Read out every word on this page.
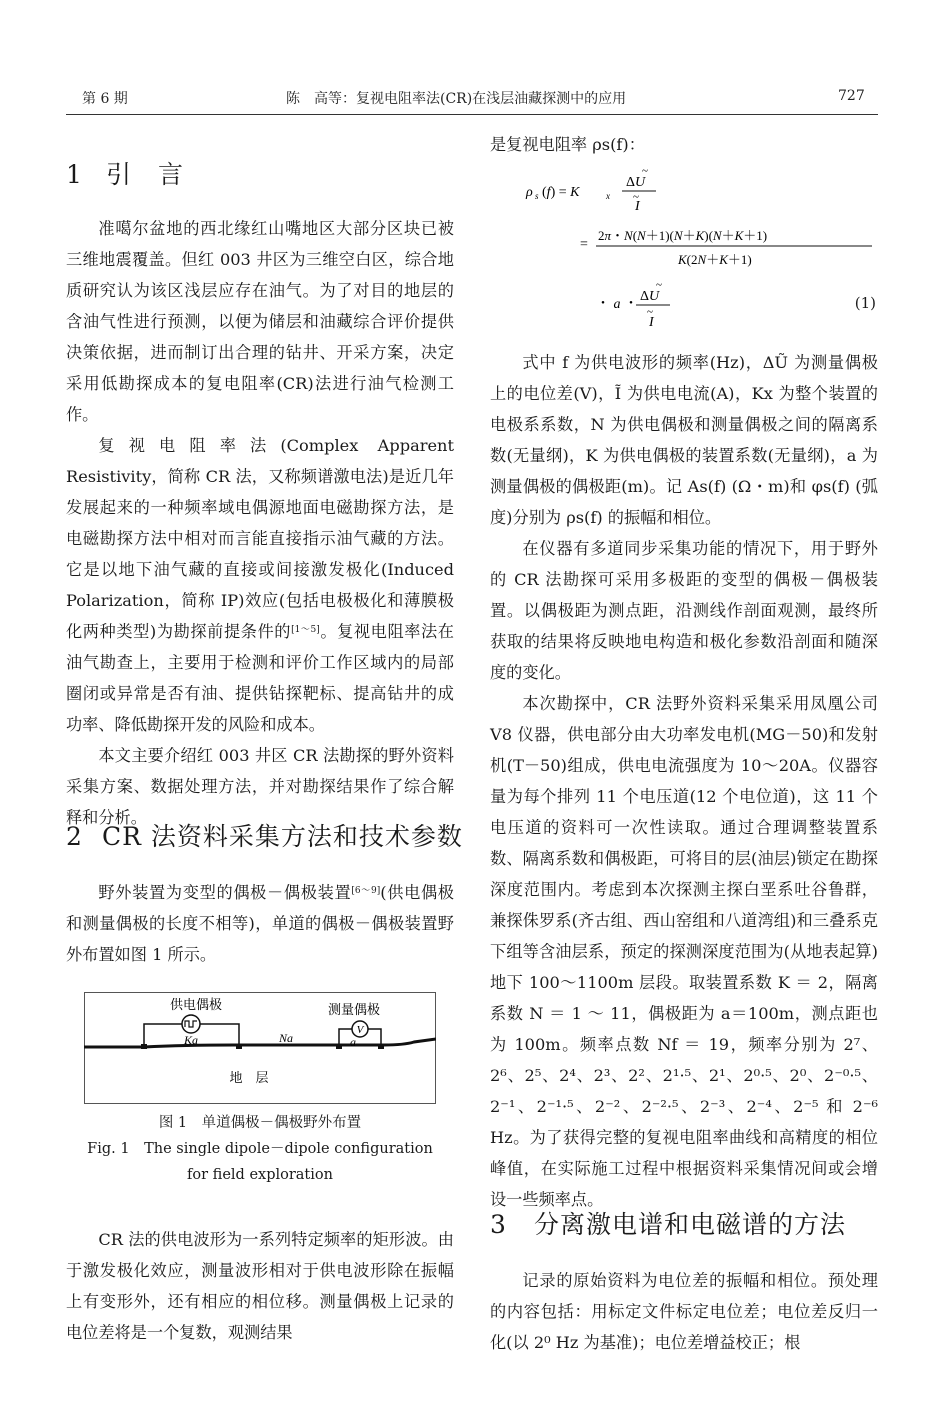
第 6 期	陈　高等：复视电阻率法(CR)在浅层油藏探测中的应用	727
1 引　言

准噶尔盆地的西北缘红山嘴地区大部分区块已被三维地震覆盖。但红 003 井区为三维空白区，综合地质研究认为该区浅层应存在油气。为了对目的地层的含油气性进行预测，以便为储层和油藏综合评价提供决策依据，进而制订出合理的钻井、开采方案，决定采用低勘探成本的复电阻率(CR)法进行油气检测工作。

复视电阻率法(Complex Apparent Resistivity，简称 CR 法，又称频谱激电法)是近几年发展起来的一种频率域电偶源地面电磁勘探方法，是电磁勘探方法中相对而言能直接指示油气藏的方法。它是以地下油气藏的直接或间接激发极化(Induced Polarization，简称 IP)效应(包括电极极化和薄膜极化两种类型)为勘探前提条件的[1～5]。复视电阻率法在油气勘查上，主要用于检测和评价工作区域内的局部圈闭或异常是否有油、提供钻探靶标、提高钻井的成功率、降低勘探开发的风险和成本。

本文主要介绍红 003 井区 CR 法勘探的野外资料采集方案、数据处理方法，并对勘探结果作了综合解释和分析。

2 CR 法资料采集方法和技术参数

野外装置为变型的偶极－偶极装置[6～9](供电偶极和测量偶极的长度不相等)，单道的偶极－偶极装置野外布置如图 1 所示。

V
供电偶极	测量偶极
Ka	Na	a
地　层
图 1　单道偶极－偶极野外布置
Fig. 1　The single dipole－dipole configuration
for field exploration

CR 法的供电波形为一系列特定频率的矩形波。由于激发极化效应，测量波形相对于供电波形除在振幅上有变形外，还有相应的相位移。测量偶极上记录的电位差将是一个复数，观测结果

是复视电阻率 ρs(f)：

ρ s (f) = K	x
ΔU
~
I
~
=
2π・N(N＋1)(N＋K)(N＋K＋1)
K(2N＋K＋1)
・ a ・
ΔU
~
I
~	(1)

式中 f 为供电波形的频率(Hz)，ΔŨ 为测量偶极上的电位差(V)，Ĩ 为供电电流(A)，Kx 为整个装置的电极系系数，N 为供电偶极和测量偶极之间的隔离系数(无量纲)，K 为供电偶极的装置系数(无量纲)，a 为测量偶极的偶极距(m)。记 As(f) (Ω・m)和 φs(f) (弧度)分别为 ρs(f) 的振幅和相位。

在仪器有多道同步采集功能的情况下，用于野外的 CR 法勘探可采用多极距的变型的偶极－偶极装置。以偶极距为测点距，沿测线作剖面观测，最终所获取的结果将反映地电构造和极化参数沿剖面和随深度的变化。

本次勘探中，CR 法野外资料采集采用凤凰公司 V8 仪器，供电部分由大功率发电机(MG－50)和发射机(T－50)组成，供电电流强度为 10～20A。仪器容量为每个排列 11 个电压道(12 个电位道)，这 11 个电压道的资料可一次性读取。通过合理调整装置系数、隔离系数和偶极距，可将目的层(油层)锁定在勘探深度范围内。考虑到本次探测主探白垩系吐谷鲁群，兼探侏罗系(齐古组、西山窑组和八道湾组)和三叠系克下组等含油层系，预定的探测深度范围为(从地表起算)地下 100～1100m 层段。取装置系数 K ＝ 2，隔离系数 N ＝ 1 ～ 11，偶极距为 a＝100m，测点距也为 100m。频率点数 Nf ＝ 19，频率分别为 2⁷、2⁶、2⁵、2⁴、2³、2²、2¹·⁵、2¹、2⁰·⁵、2⁰、2⁻⁰·⁵、2⁻¹、2⁻¹·⁵、2⁻²、2⁻²·⁵、2⁻³、2⁻⁴、2⁻⁵ 和 2⁻⁶ Hz。为了获得完整的复视电阻率曲线和高精度的相位峰值，在实际施工过程中根据资料采集情况间或会增设一些频率点。

3 分离激电谱和电磁谱的方法

记录的原始资料为电位差的振幅和相位。预处理的内容包括：用标定文件标定电位差；电位差反归一化(以 2⁰ Hz 为基准)；电位差增益校正；根
